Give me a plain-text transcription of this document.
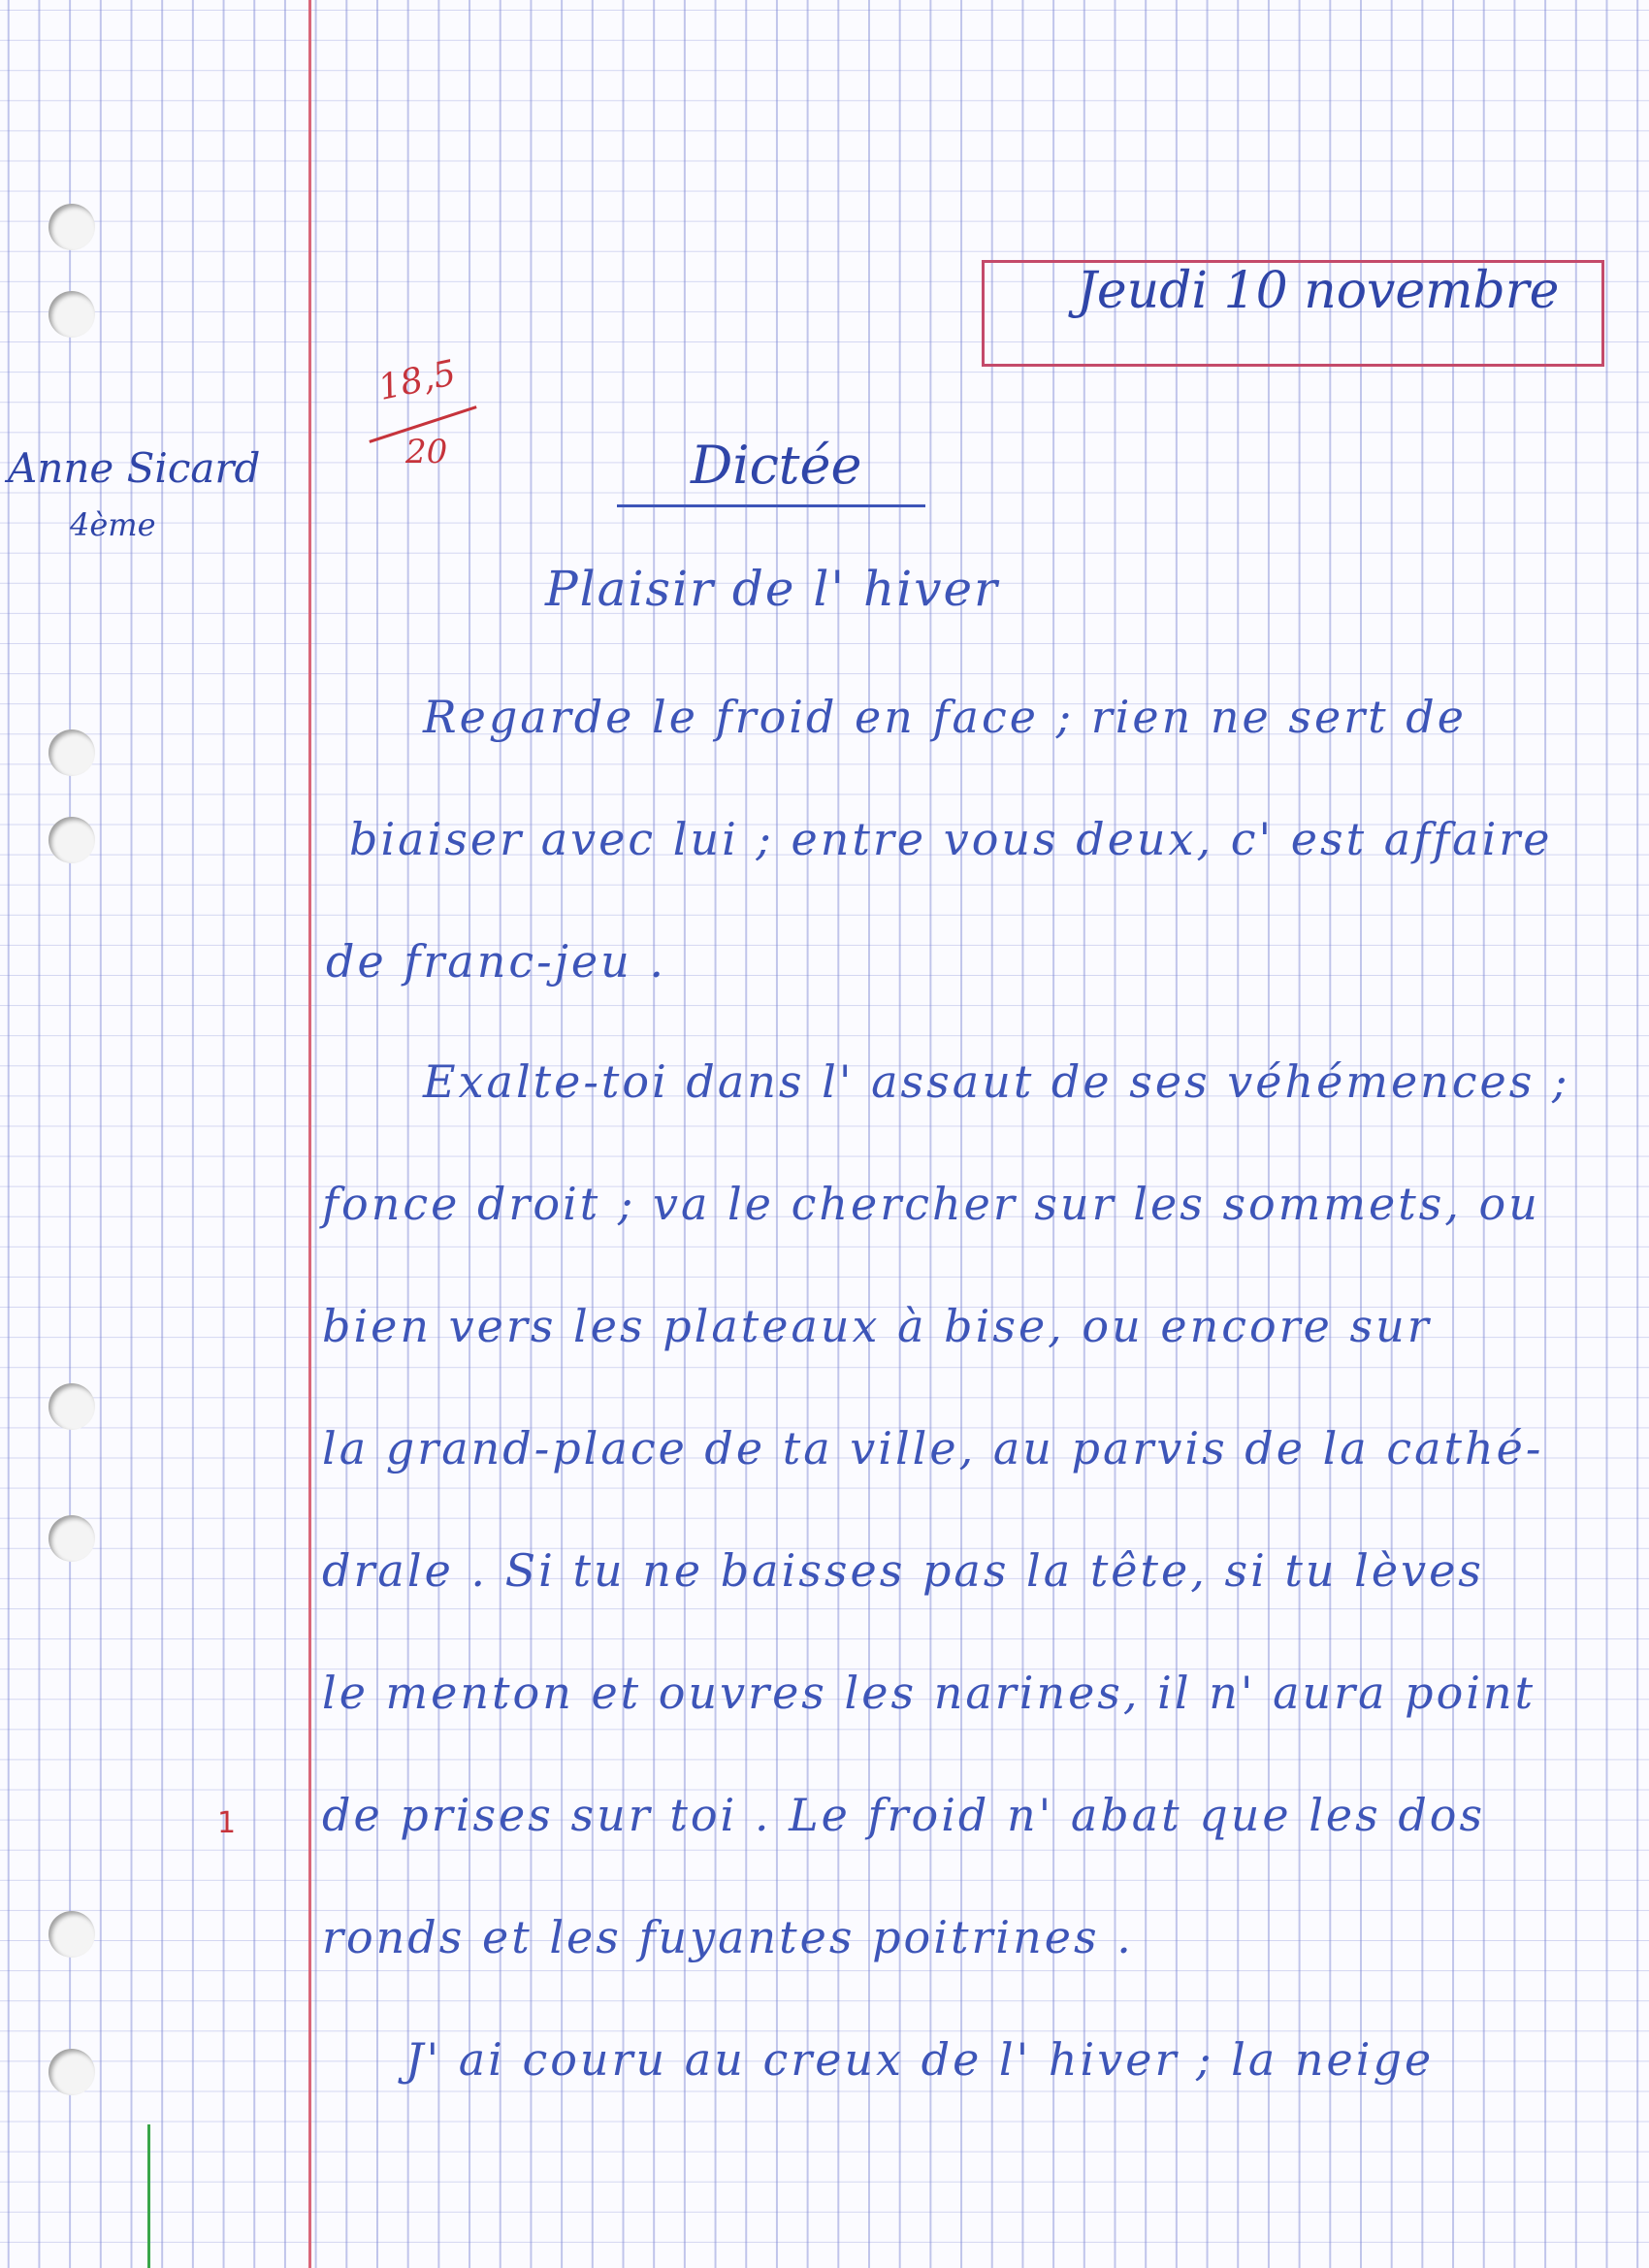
Jeudi 10 novembre
Anne Sicard
4ème
18,5
20	Dictée
Plaisir de l' hiver
Regarde le froid en face ; rien ne sert de
biaiser avec lui ; entre vous deux, c' est affaire
de franc-jeu .
Exalte-toi dans l' assaut de ses véhémences ;
fonce droit ; va le chercher sur les sommets, ou
bien vers les plateaux à bise, ou encore sur
la grand-place de ta ville, au parvis de la cathé-
drale . Si tu ne baisses pas la tête, si tu lèves
le menton et ouvres les narines, il n' aura point
de prises sur toi . Le froid n' abat que les dos
ronds et les fuyantes poitrines .
J' ai couru au creux de l' hiver ; la neige
1
